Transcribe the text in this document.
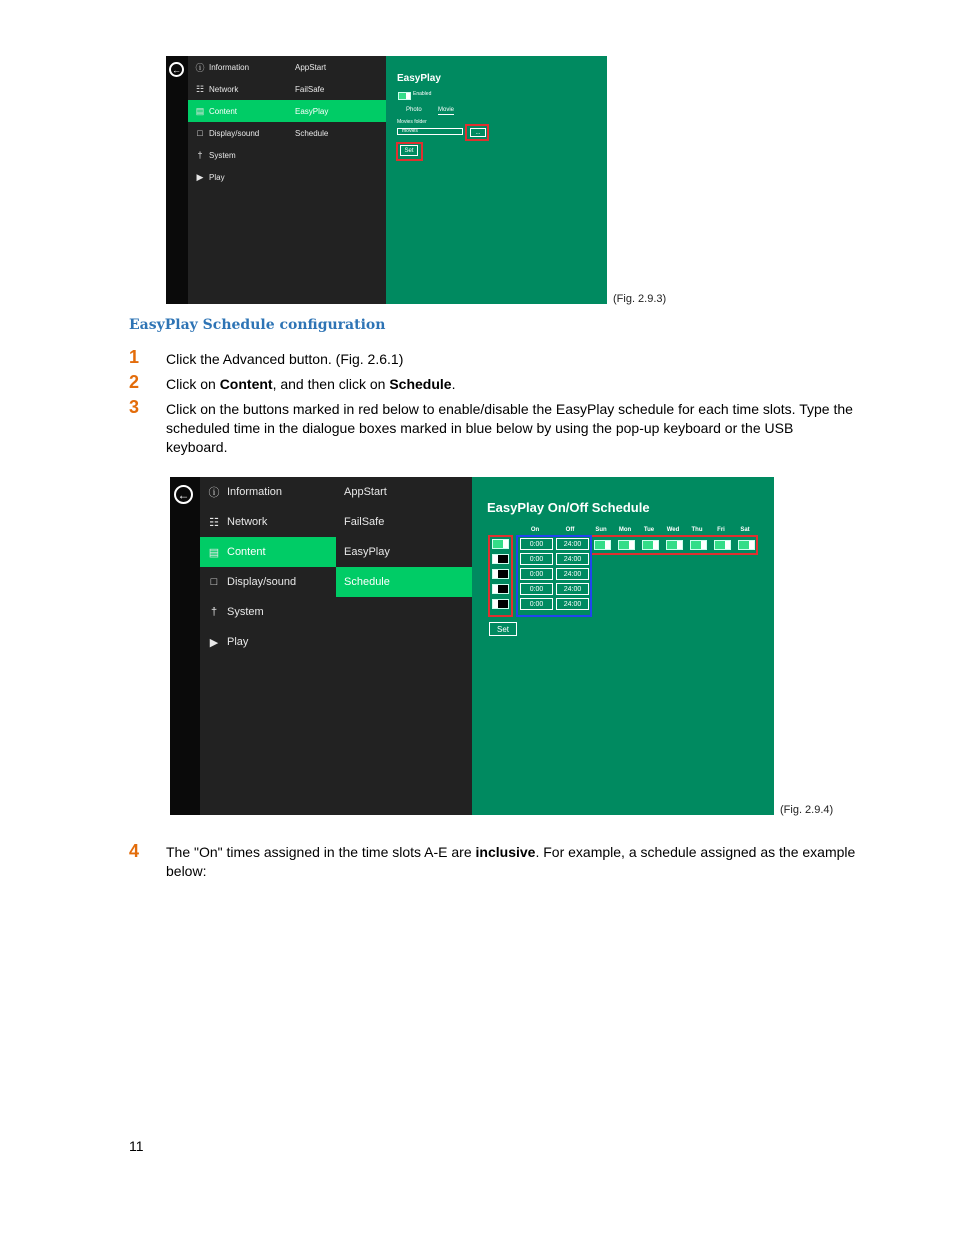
←	ⓘ Information
☷ Network
▤ Content
□ Display/sound
† System
▶ Play
AppStart
FailSafe
EasyPlay
Schedule
EasyPlay
Enabled
Photo	Movie
Movies folder
movies	...
Set
(Fig. 2.9.3)
EasyPlay Schedule configuration
1 Click the Advanced button. (Fig. 2.6.1)
2 Click on Content, and then click on Schedule.
3 Click on the buttons marked in red below to enable/disable the EasyPlay schedule for each time slots. Type the scheduled time in the dialogue boxes marked in blue below by using the pop-up keyboard or the USB keyboard.
←	ⓘ Information
☷ Network
▤ Content
□ Display/sound
† System
▶ Play
AppStart
FailSafe
EasyPlay
Schedule
EasyPlay On/Off Schedule
On	Off	Sun	Mon	Tue	Wed	Thu	Fri	Sat
0:00	24:00
0:00	24:00
0:00	24:00
0:00	24:00
0:00	24:00
Set
(Fig. 2.9.4)
4 The "On" times assigned in the time slots A-E are inclusive. For example, a schedule assigned as the example below:
11
